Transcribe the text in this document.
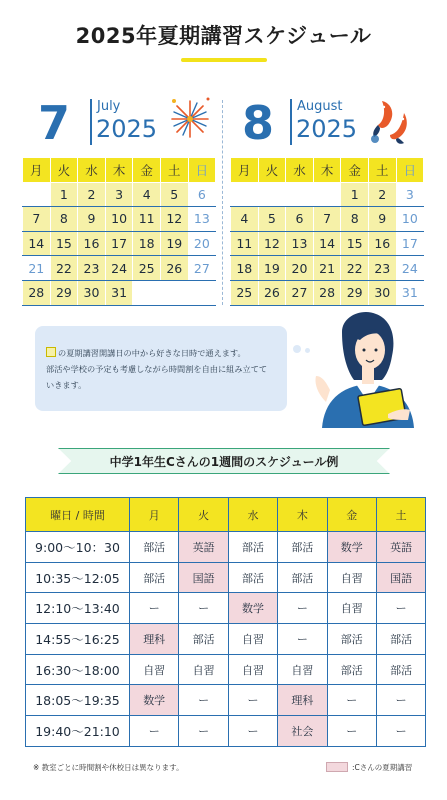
2025年夏期講習スケジュール
7 July
2025 8 August
2025
月	火	水	木	金	土	日
	1	2	3	4	5	6
7	8	9	10	11	12	13
14	15	16	17	18	19	20
21	22	23	24	25	26	27
28	29	30	31			
月	火	水	木	金	土	日
				1	2	3
4	5	6	7	8	9	10
11	12	13	14	15	16	17
18	19	20	21	22	23	24
25	26	27	28	29	30	31
の夏期講習開講日の中から好きな日時で通えます。
部活や学校の予定も考慮しながら時間割を自由に組み立てて
いきます。
中学1年生Cさんの1週間のスケジュール例
曜日 / 時間	月	火	水	木	金	土
9:00〜10：30	部活	英語	部活	部活	数学	英語
10:35〜12:05	部活	国語	部活	部活	自習	国語
12:10〜13:40	ー	ー	数学	ー	自習	ー
14:55〜16:25	理科	部活	自習	ー	部活	部活
16:30〜18:00	自習	自習	自習	自習	部活	部活
18:05〜19:35	数学	ー	ー	理科	ー	ー
19:40〜21:10	ー	ー	ー	社会	ー	ー
※ 教室ごとに時間割や休校日は異なります。	:Cさんの夏期講習
